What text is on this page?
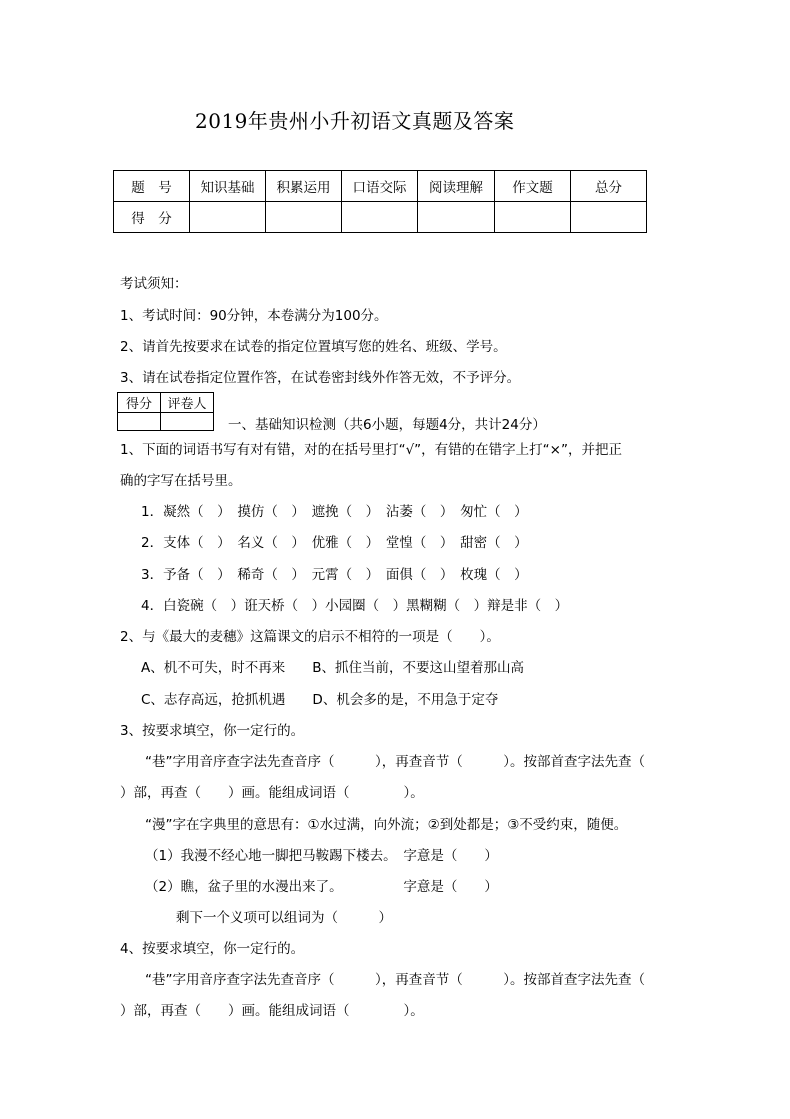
2019年贵州小升初语文真题及答案
题　号	知识基础	积累运用	口语交际	阅读理解	作文题	总分
得　分						
考试须知：
1、考试时间：90分钟，本卷满分为100分。
2、请首先按要求在试卷的指定位置填写您的姓名、班级、学号。
3、请在试卷指定位置作答，在试卷密封线外作答无效，不予评分。
得分	评卷人

一、基础知识检测（共6小题，每题4分，共计24分）
1、下面的词语书写有对有错，对的在括号里打“√”，有错的在错字上打“×”，并把正
确的字写在括号里。
1．凝然（　）　摸仿（　）　遮挽（　）　沾萎（　）　匆忙（　）
2．支体（　）　名义（　）　优雅（　）　堂惶（　）　甜密（　）
3．予备（　）　稀奇（　）　元霄（　）　面俱（　）　枚瑰（　）
4．白瓷碗（　）诳天桥（　）小园圈（　）黑糊糊（　）辩是非（　）
2、与《最大的麦穗》这篇课文的启示不相符的一项是（　　）。
A、机不可失，时不再来　　B、抓住当前，不要这山望着那山高
C、志存高远，抢抓机遇　　D、机会多的是，不用急于定夺
3、按要求填空，你一定行的。
“巷”字用音序查字法先查音序（　　　），再查音节（　　　）。按部首查字法先查（
）部，再查（　　）画。能组成词语（　　　　）。
“漫”字在字典里的意思有：①水过满，向外流；②到处都是；③不受约束，随便。
（1）我漫不经心地一脚把马鞍踢下楼去。　字意是（　　）
（2）瞧，盆子里的水漫出来了。　　　　　字意是（　　）
剩下一个义项可以组词为（　　　）
4、按要求填空，你一定行的。
“巷”字用音序查字法先查音序（　　　），再查音节（　　　）。按部首查字法先查（
）部，再查（　　）画。能组成词语（　　　　）。
